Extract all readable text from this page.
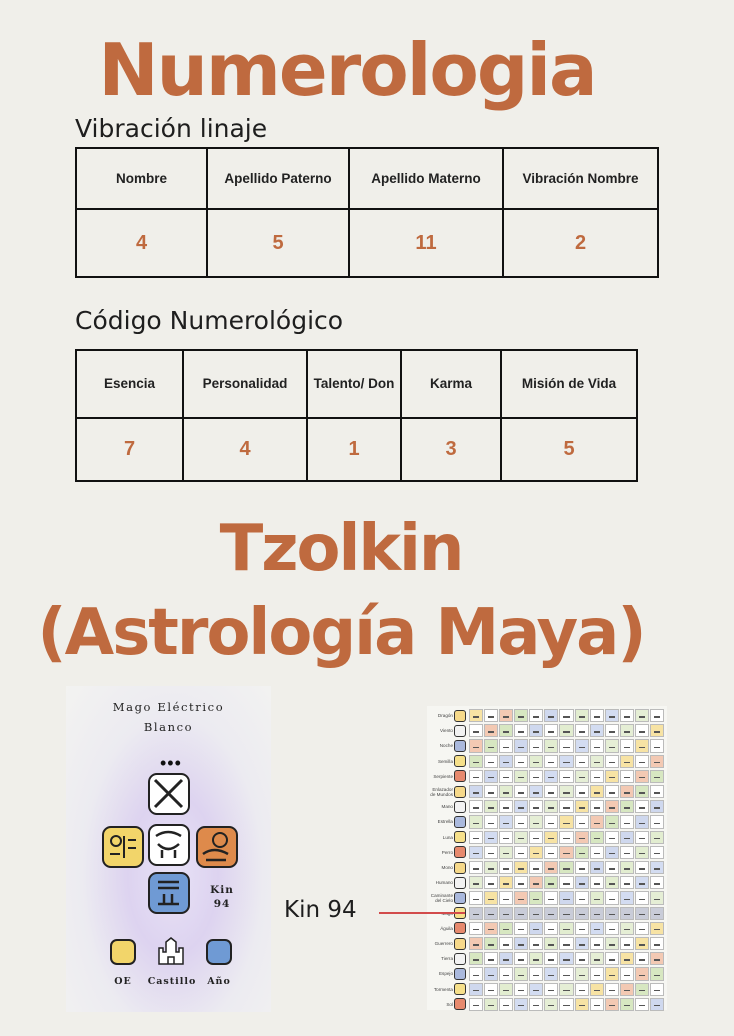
Numerologia
Vibración linaje
Nombre	Apellido Paterno	Apellido Materno	Vibración Nombre
4	5	11	2
Código Numerológico
Esencia	Personalidad	Talento/ Don	Karma	Misión de Vida
7	4	1	3	5
Tzolkin
(Astrología Maya)
Mago Eléctrico
Blanco
•••
Kin
94
OE	Castillo	Año
Dragón
Viento
Noche
Semilla
Serpiente
Enlazador de Mundos
Mano
Estrella
Luna
Perro
Mono
Humano
Caminante del Cielo
Águila
Guerrero
Tierra
Espejo
Tormenta
Sol
Kin 94
